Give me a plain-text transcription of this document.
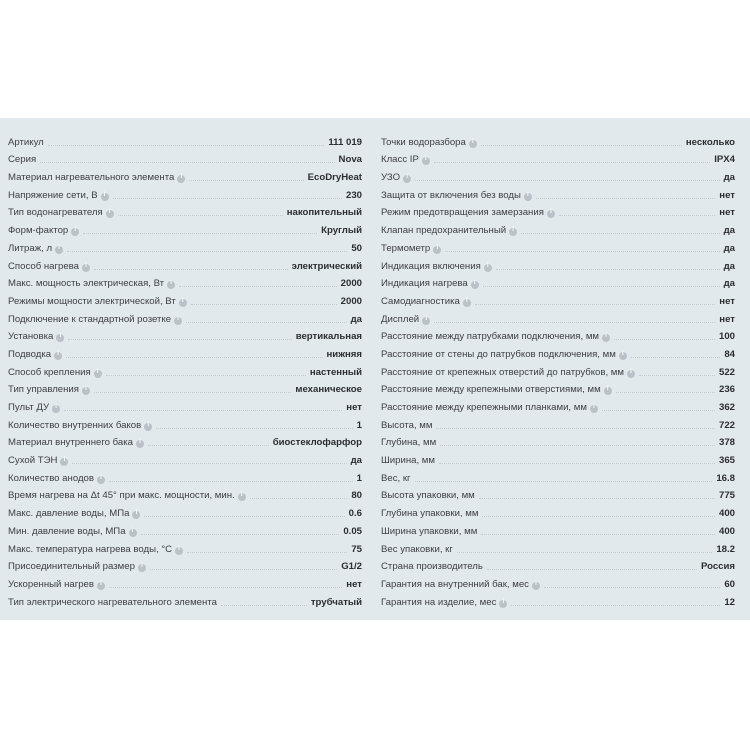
Артикул	111 019
Серия	Nova
Материал нагревательного элемента i	EcoDryHeat
Напряжение сети, В i	230
Тип водонагревателя i	накопительный
Форм-фактор i	Круглый
Литраж, л i	50
Способ нагрева i	электрический
Макс. мощность электрическая, Вт i	2000
Режимы мощности электрической, Вт i	2000
Подключение к стандартной розетке i	да
Установка i	вертикальная
Подводка i	нижняя
Способ крепления i	настенный
Тип управления i	механическое
Пульт ДУ i	нет
Количество внутренних баков i	1
Материал внутреннего бака i	биостеклофарфор
Сухой ТЭН i	да
Количество анодов i	1
Время нагрева на Δt 45° при макс. мощности, мин. i	80
Макс. давление воды, МПа i	0.6
Мин. давление воды, МПа i	0.05
Макс. температура нагрева воды, °С i	75
Присоединительный размер i	G1/2
Ускоренный нагрев i	нет
Тип электрического нагревательного элемента	трубчатый
Точки водоразбора i	несколько
Класс IP i	IPX4
УЗО i	да
Защита от включения без воды i	нет
Режим предотвращения замерзания i	нет
Клапан предохранительный i	да
Термометр i	да
Индикация включения i	да
Индикация нагрева i	да
Самодиагностика i	нет
Дисплей i	нет
Расстояние между патрубками подключения, мм i	100
Расстояние от стены до патрубков подключения, мм i	84
Расстояние от крепежных отверстий до патрубков, мм i	522
Расстояние между крепежными отверстиями, мм i	236
Расстояние между крепежными планками, мм i	362
Высота, мм	722
Глубина, мм	378
Ширина, мм	365
Вес, кг	16.8
Высота упаковки, мм	775
Глубина упаковки, мм	400
Ширина упаковки, мм	400
Вес упаковки, кг	18.2
Страна производитель	Россия
Гарантия на внутренний бак, мес i	60
Гарантия на изделие, мес i	12
